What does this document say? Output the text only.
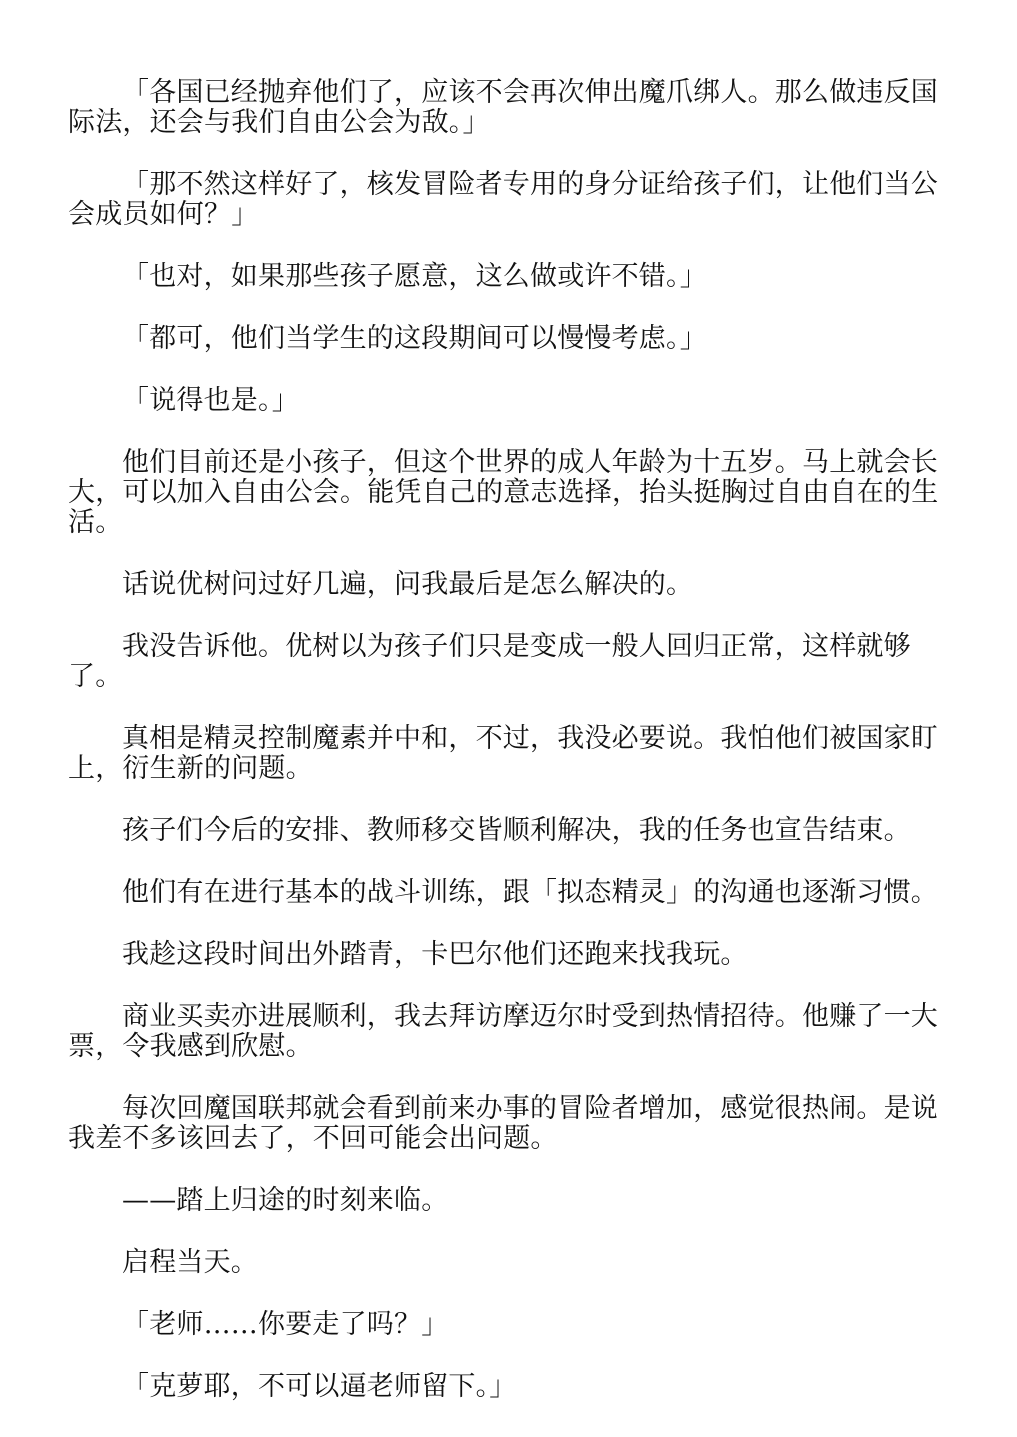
「各国已经抛弃他们了，应该不会再次伸出魔爪绑人。那么做违反国际法，还会与我们自由公会为敌。」

「那不然这样好了，核发冒险者专用的身分证给孩子们，让他们当公会成员如何？」

「也对，如果那些孩子愿意，这么做或许不错。」

「都可，他们当学生的这段期间可以慢慢考虑。」

「说得也是。」

他们目前还是小孩子，但这个世界的成人年龄为十五岁。马上就会长大，可以加入自由公会。能凭自己的意志选择，抬头挺胸过自由自在的生活。

话说优树问过好几遍，问我最后是怎么解决的。

我没告诉他。优树以为孩子们只是变成一般人回归正常，这样就够了。

真相是精灵控制魔素并中和，不过，我没必要说。我怕他们被国家盯上，衍生新的问题。

孩子们今后的安排、教师移交皆顺利解决，我的任务也宣告结束。

他们有在进行基本的战斗训练，跟「拟态精灵」的沟通也逐渐习惯。

我趁这段时间出外踏青，卡巴尔他们还跑来找我玩。

商业买卖亦进展顺利，我去拜访摩迈尔时受到热情招待。他赚了一大票，令我感到欣慰。

每次回魔国联邦就会看到前来办事的冒险者增加，感觉很热闹。是说我差不多该回去了，不回可能会出问题。

——踏上归途的时刻来临。

启程当天。

「老师……你要走了吗？」

「克萝耶，不可以逼老师留下。」
